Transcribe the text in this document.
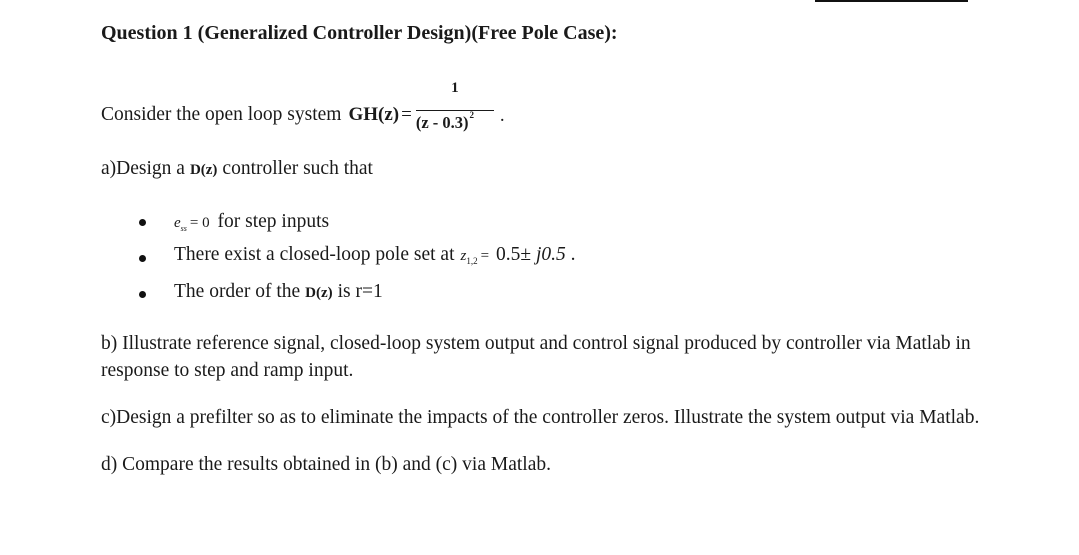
Question 1 (Generalized Controller Design)(Free Pole Case):
Consider the open loop system GH $(z) = \frac{1}{(z - 0.3)^2}$ .
a)Design a D(z) controller such that
$e_{ss} = 0$ for step inputs
There exist a closed-loop pole set at $z_{1,2} = 0.5\pm j0.5$ .
The order of the D(z) is r=1
b) Illustrate reference signal, closed-loop system output and control signal produced by controller via Matlab in response to step and ramp input.
c)Design a prefilter so as to eliminate the impacts of the controller zeros. Illustrate the system output via Matlab.
d) Compare the results obtained in (b) and (c) via Matlab.
